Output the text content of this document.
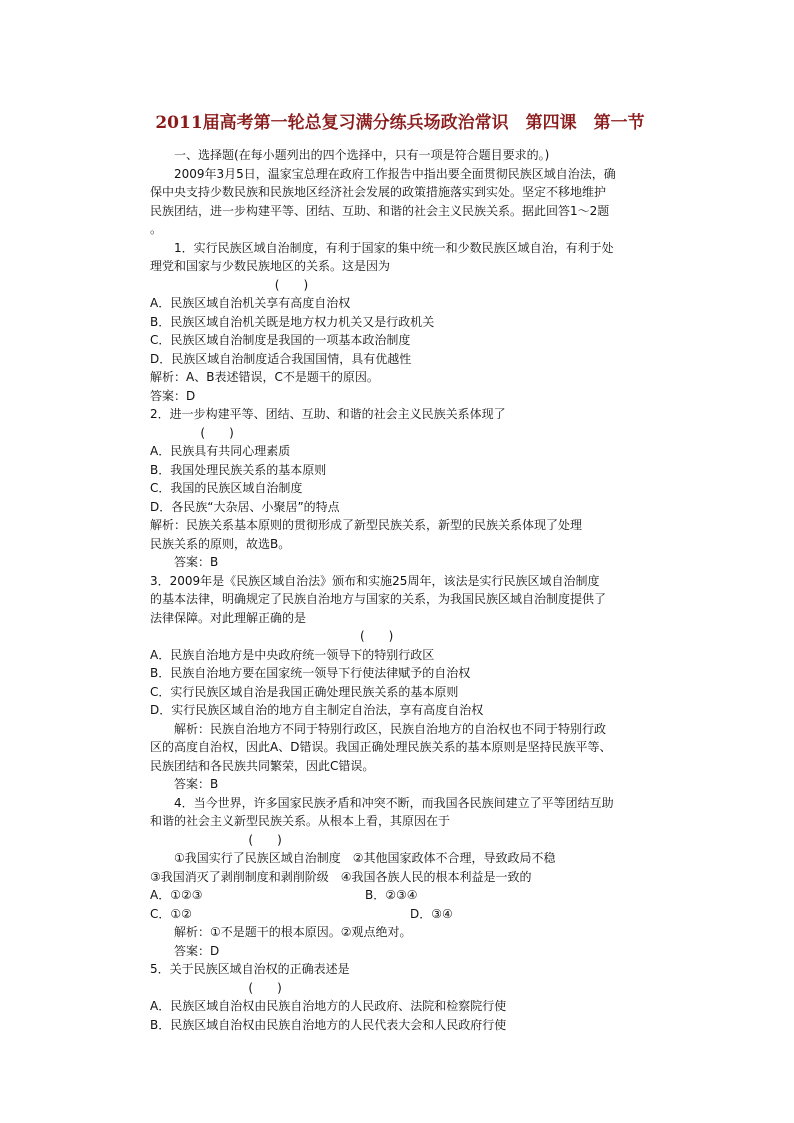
2011届高考第一轮总复习满分练兵场政治常识　第四课　第一节
一、选择题(在每小题列出的四个选择中，只有一项是符合题目要求的。)
2009年3月5日，温家宝总理在政府工作报告中指出要全面贯彻民族区域自治法，确
保中央支持少数民族和民族地区经济社会发展的政策措施落实到实处。坚定不移地维护
民族团结，进一步构建平等、团结、互助、和谐的社会主义民族关系。据此回答1～2题
。
1．实行民族区域自治制度，有利于国家的集中统一和少数民族区域自治，有利于处
理党和国家与少数民族地区的关系。这是因为
(　　)
A．民族区域自治机关享有高度自治权
B．民族区域自治机关既是地方权力机关又是行政机关
C．民族区域自治制度是我国的一项基本政治制度
D．民族区域自治制度适合我国国情，具有优越性
解析：A、B表述错误，C不是题干的原因。
答案：D
2．进一步构建平等、团结、互助、和谐的社会主义民族关系体现了
(　　)
A．民族具有共同心理素质
B．我国处理民族关系的基本原则
C．我国的民族区域自治制度
D．各民族“大杂居、小聚居”的特点
解析：民族关系基本原则的贯彻形成了新型民族关系，新型的民族关系体现了处理
民族关系的原则，故选B。
答案：B
3．2009年是《民族区域自治法》颁布和实施25周年，该法是实行民族区域自治制度
的基本法律，明确规定了民族自治地方与国家的关系，为我国民族区域自治制度提供了
法律保障。对此理解正确的是
(　　)
A．民族自治地方是中央政府统一领导下的特别行政区
B．民族自治地方要在国家统一领导下行使法律赋予的自治权
C．实行民族区域自治是我国正确处理民族关系的基本原则
D．实行民族区域自治的地方自主制定自治法，享有高度自治权
解析：民族自治地方不同于特别行政区，民族自治地方的自治权也不同于特别行政
区的高度自治权，因此A、D错误。我国正确处理民族关系的基本原则是坚持民族平等、
民族团结和各民族共同繁荣，因此C错误。
答案：B
4．当今世界，许多国家民族矛盾和冲突不断，而我国各民族间建立了平等团结互助
和谐的社会主义新型民族关系。从根本上看，其原因在于
(　　)
①我国实行了民族区域自治制度　②其他国家政体不合理，导致政局不稳
③我国消灭了剥削制度和剥削阶级　④我国各族人民的根本利益是一致的
A．①②③	B．②③④
C．①②	D．③④
解析：①不是题干的根本原因。②观点绝对。
答案：D
5．关于民族区域自治权的正确表述是
(　　)
A．民族区域自治权由民族自治地方的人民政府、法院和检察院行使
B．民族区域自治权由民族自治地方的人民代表大会和人民政府行使
